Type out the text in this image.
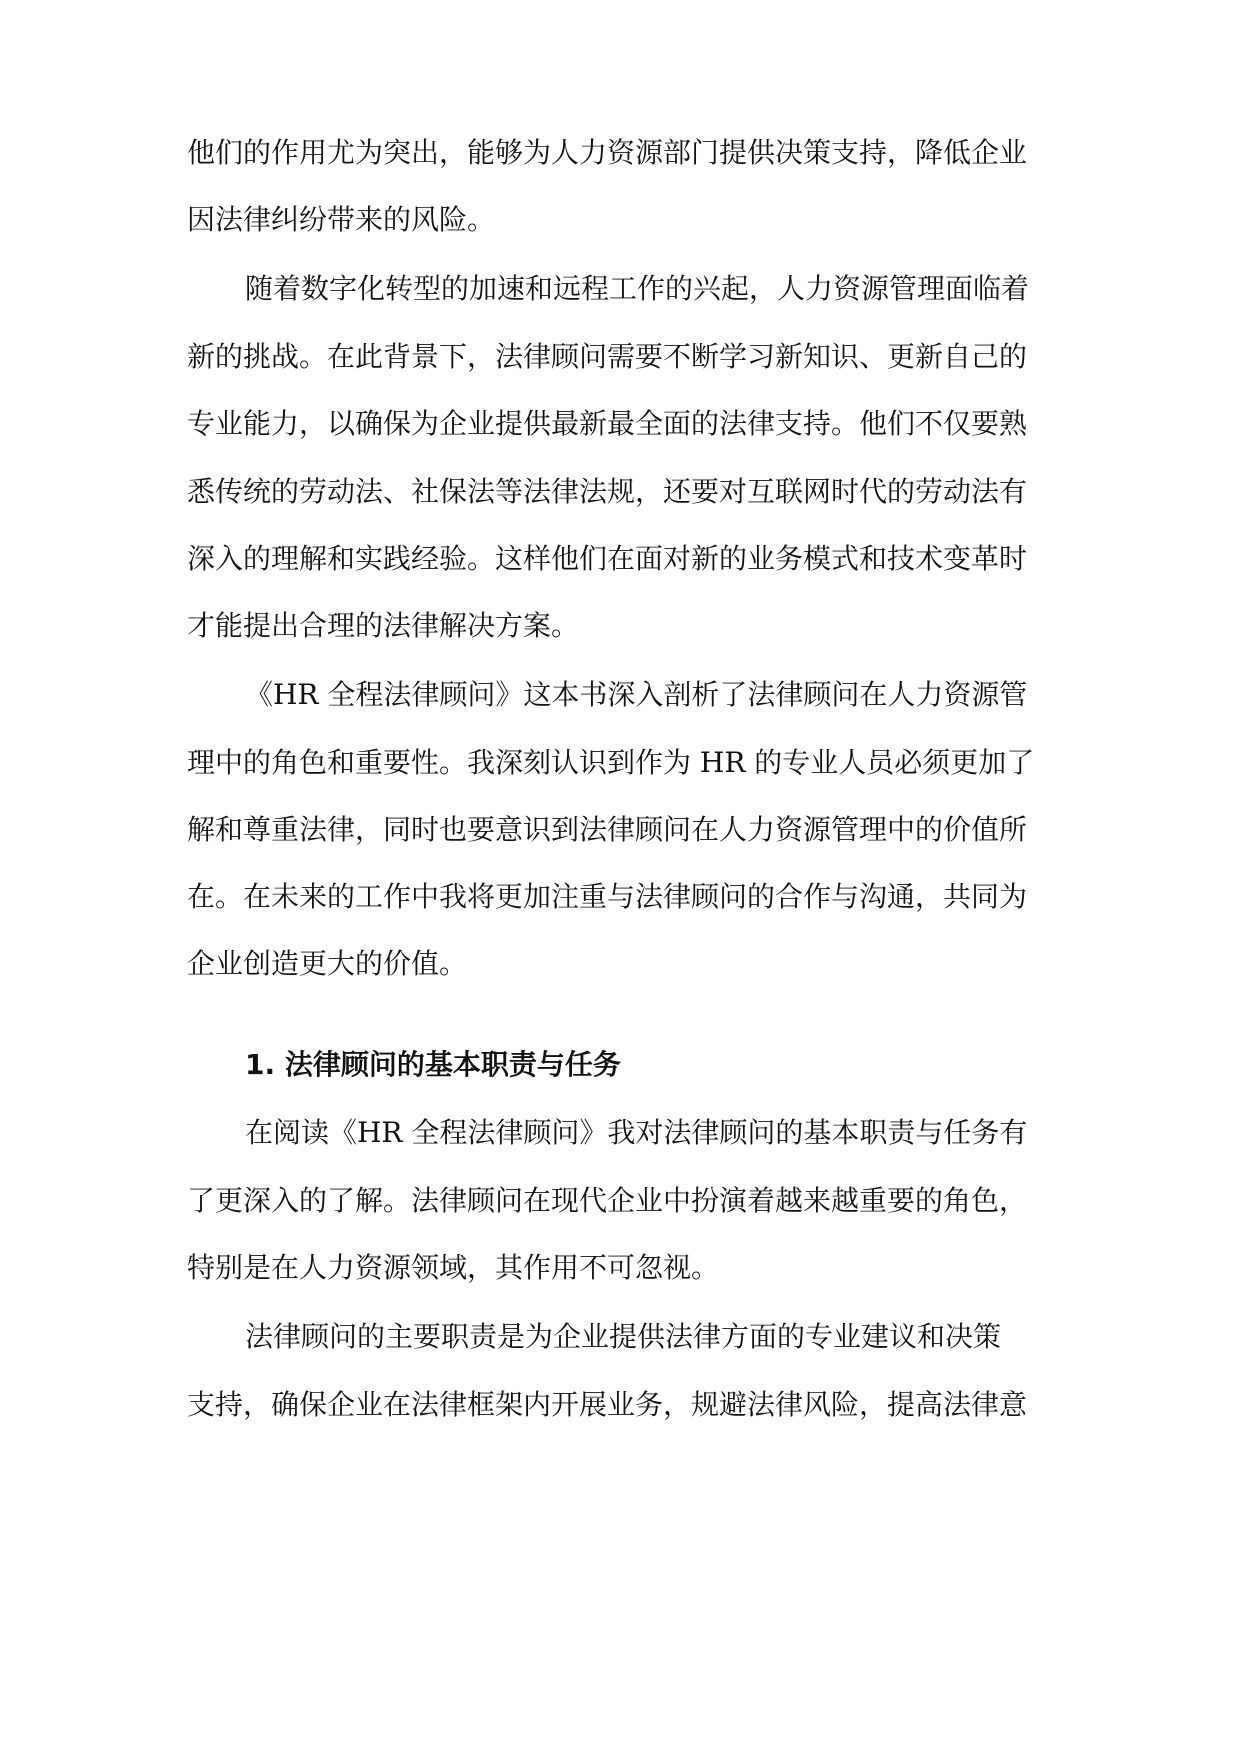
他们的作用尤为突出，能够为人力资源部门提供决策支持，降低企业
因法律纠纷带来的风险。
随着数字化转型的加速和远程工作的兴起，人力资源管理面临着
新的挑战。在此背景下，法律顾问需要不断学习新知识、更新自己的
专业能力，以确保为企业提供最新最全面的法律支持。他们不仅要熟
悉传统的劳动法、社保法等法律法规，还要对互联网时代的劳动法有
深入的理解和实践经验。这样他们在面对新的业务模式和技术变革时
才能提出合理的法律解决方案。
《HR 全程法律顾问》这本书深入剖析了法律顾问在人力资源管
理中的角色和重要性。我深刻认识到作为 HR 的专业人员必须更加了
解和尊重法律，同时也要意识到法律顾问在人力资源管理中的价值所
在。在未来的工作中我将更加注重与法律顾问的合作与沟通，共同为
企业创造更大的价值。
1. 法律顾问的基本职责与任务
在阅读《HR 全程法律顾问》我对法律顾问的基本职责与任务有
了更深入的了解。法律顾问在现代企业中扮演着越来越重要的角色，
特别是在人力资源领域，其作用不可忽视。
法律顾问的主要职责是为企业提供法律方面的专业建议和决策
支持，确保企业在法律框架内开展业务，规避法律风险，提高法律意
